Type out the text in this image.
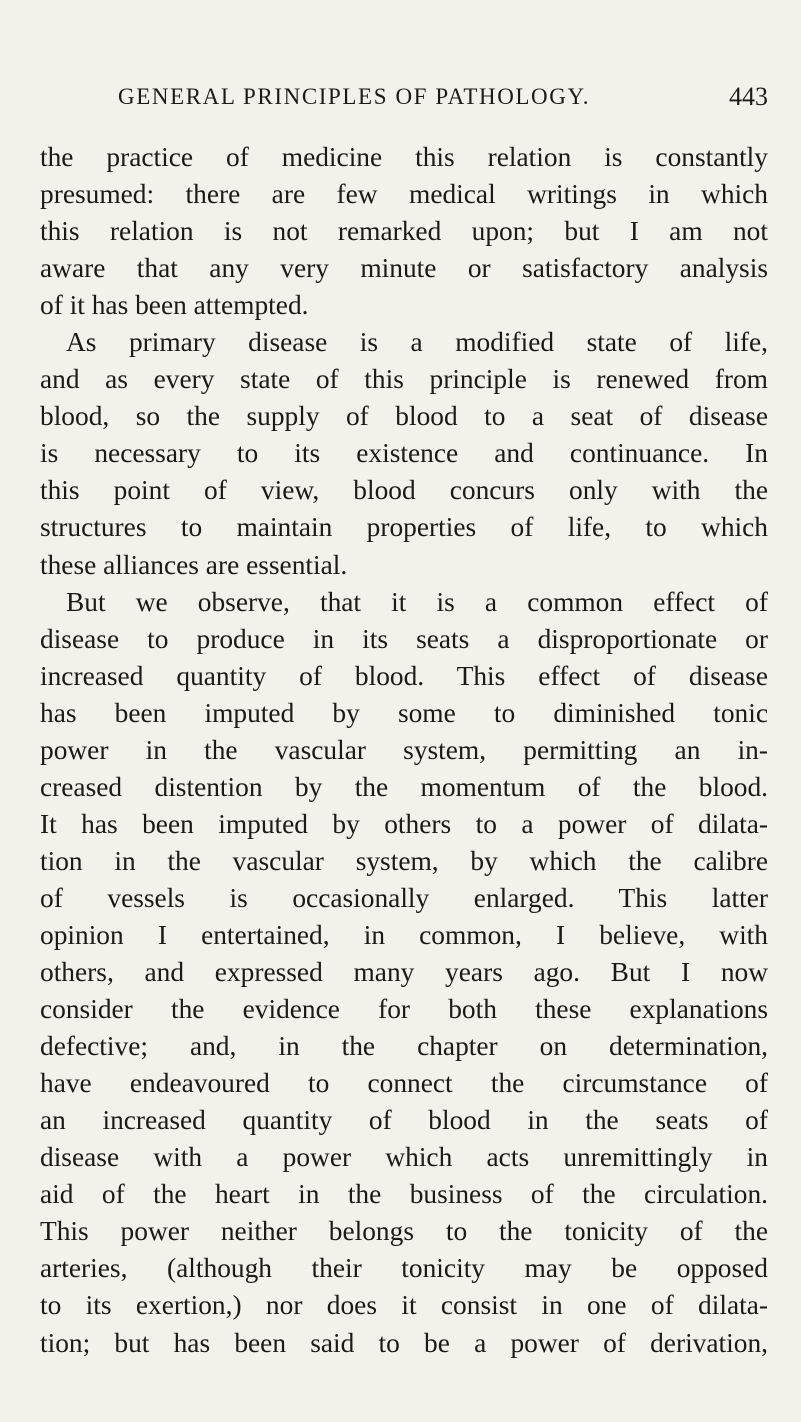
GENERAL PRINCIPLES OF PATHOLOGY.	443
the practice of medicine this relation is constantly
presumed: there are few medical writings in which
this relation is not remarked upon; but I am not
aware that any very minute or satisfactory analysis
of it has been attempted.
As primary disease is a modified state of life,
and as every state of this principle is renewed from
blood, so the supply of blood to a seat of disease
is necessary to its existence and continuance. In
this point of view, blood concurs only with the
structures to maintain properties of life, to which
these alliances are essential.
But we observe, that it is a common effect of
disease to produce in its seats a disproportionate or
increased quantity of blood. This effect of disease
has been imputed by some to diminished tonic
power in the vascular system, permitting an in-
creased distention by the momentum of the blood.
It has been imputed by others to a power of dilata-
tion in the vascular system, by which the calibre
of vessels is occasionally enlarged. This latter
opinion I entertained, in common, I believe, with
others, and expressed many years ago. But I now
consider the evidence for both these explanations
defective; and, in the chapter on determination,
have endeavoured to connect the circumstance of
an increased quantity of blood in the seats of
disease with a power which acts unremittingly in
aid of the heart in the business of the circulation.
This power neither belongs to the tonicity of the
arteries, (although their tonicity may be opposed
to its exertion,) nor does it consist in one of dilata-
tion; but has been said to be a power of derivation,
